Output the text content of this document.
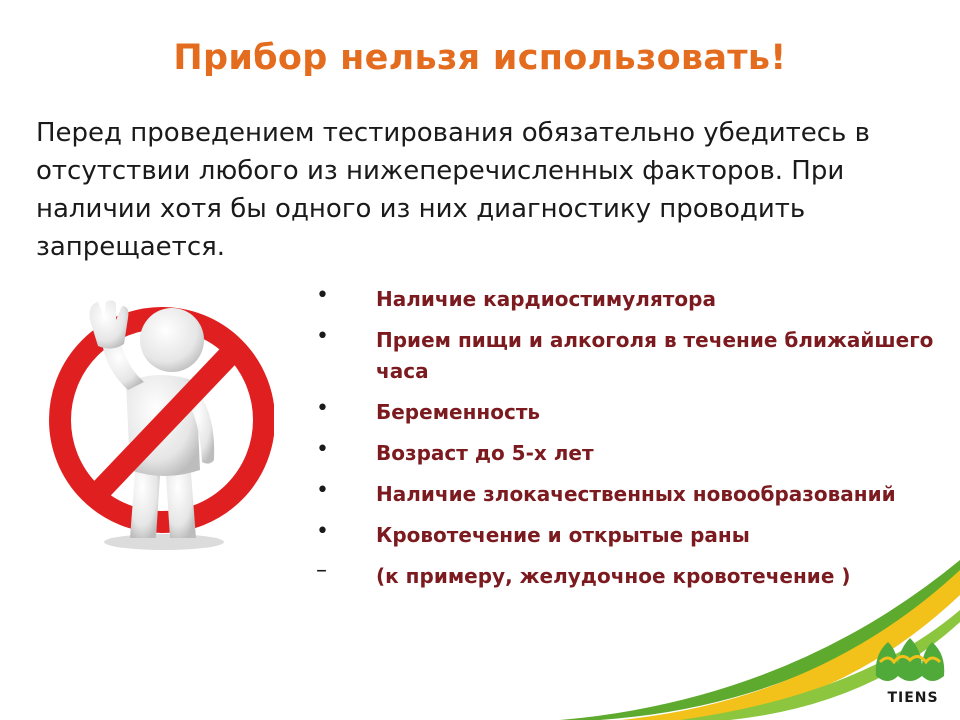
Прибор нельзя использовать!
Перед проведением тестирования обязательно убедитесь в
отсутствии любого из нижеперечисленных факторов. При
наличии хотя бы одного из них диагностику проводить
запрещается.
•	Наличие кардиостимулятора
•	Прием пищи и алкоголя в течение ближайшего часа
•	Беременность
•	Возраст до 5-х лет
•	Наличие злокачественных новообразований
•	Кровотечение и открытые раны
–	(к примеру, желудочное кровотечение )
TIENS
